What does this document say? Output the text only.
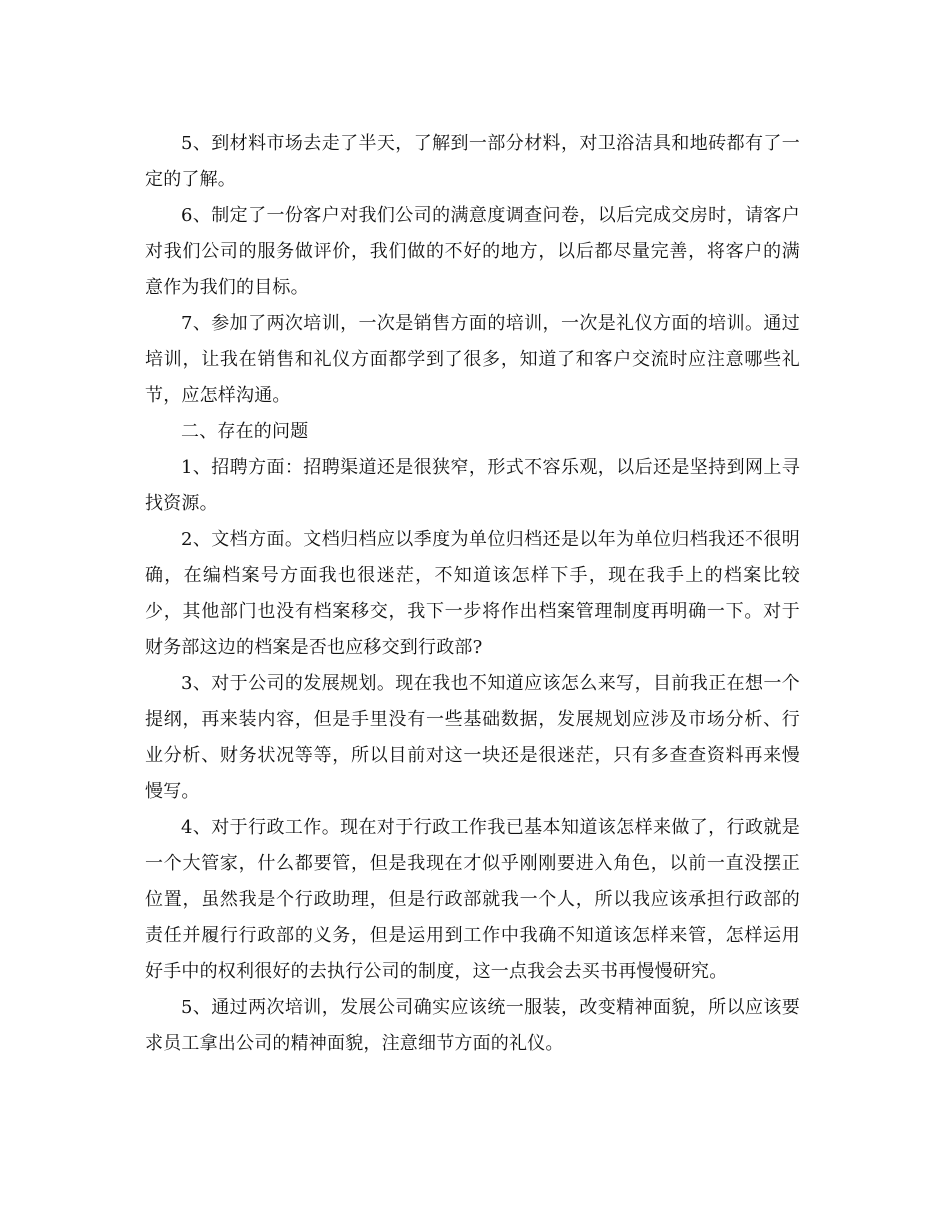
5、到材料市场去走了半天，了解到一部分材料，对卫浴洁具和地砖都有了一定的了解。

6、制定了一份客户对我们公司的满意度调查问卷，以后完成交房时，请客户对我们公司的服务做评价，我们做的不好的地方，以后都尽量完善，将客户的满意作为我们的目标。

7、参加了两次培训，一次是销售方面的培训，一次是礼仪方面的培训。通过培训，让我在销售和礼仪方面都学到了很多，知道了和客户交流时应注意哪些礼节，应怎样沟通。

二、存在的问题

1、招聘方面：招聘渠道还是很狭窄，形式不容乐观，以后还是坚持到网上寻找资源。

2、文档方面。文档归档应以季度为单位归档还是以年为单位归档我还不很明确，在编档案号方面我也很迷茫，不知道该怎样下手，现在我手上的档案比较少，其他部门也没有档案移交，我下一步将作出档案管理制度再明确一下。对于财务部这边的档案是否也应移交到行政部?

3、对于公司的发展规划。现在我也不知道应该怎么来写，目前我正在想一个提纲，再来装内容，但是手里没有一些基础数据，发展规划应涉及市场分析、行业分析、财务状况等等，所以目前对这一块还是很迷茫，只有多查查资料再来慢慢写。

4、对于行政工作。现在对于行政工作我已基本知道该怎样来做了，行政就是一个大管家，什么都要管，但是我现在才似乎刚刚要进入角色，以前一直没摆正位置，虽然我是个行政助理，但是行政部就我一个人，所以我应该承担行政部的责任并履行行政部的义务，但是运用到工作中我确不知道该怎样来管，怎样运用好手中的权利很好的去执行公司的制度，这一点我会去买书再慢慢研究。

5、通过两次培训，发展公司确实应该统一服装，改变精神面貌，所以应该要求员工拿出公司的精神面貌，注意细节方面的礼仪。
